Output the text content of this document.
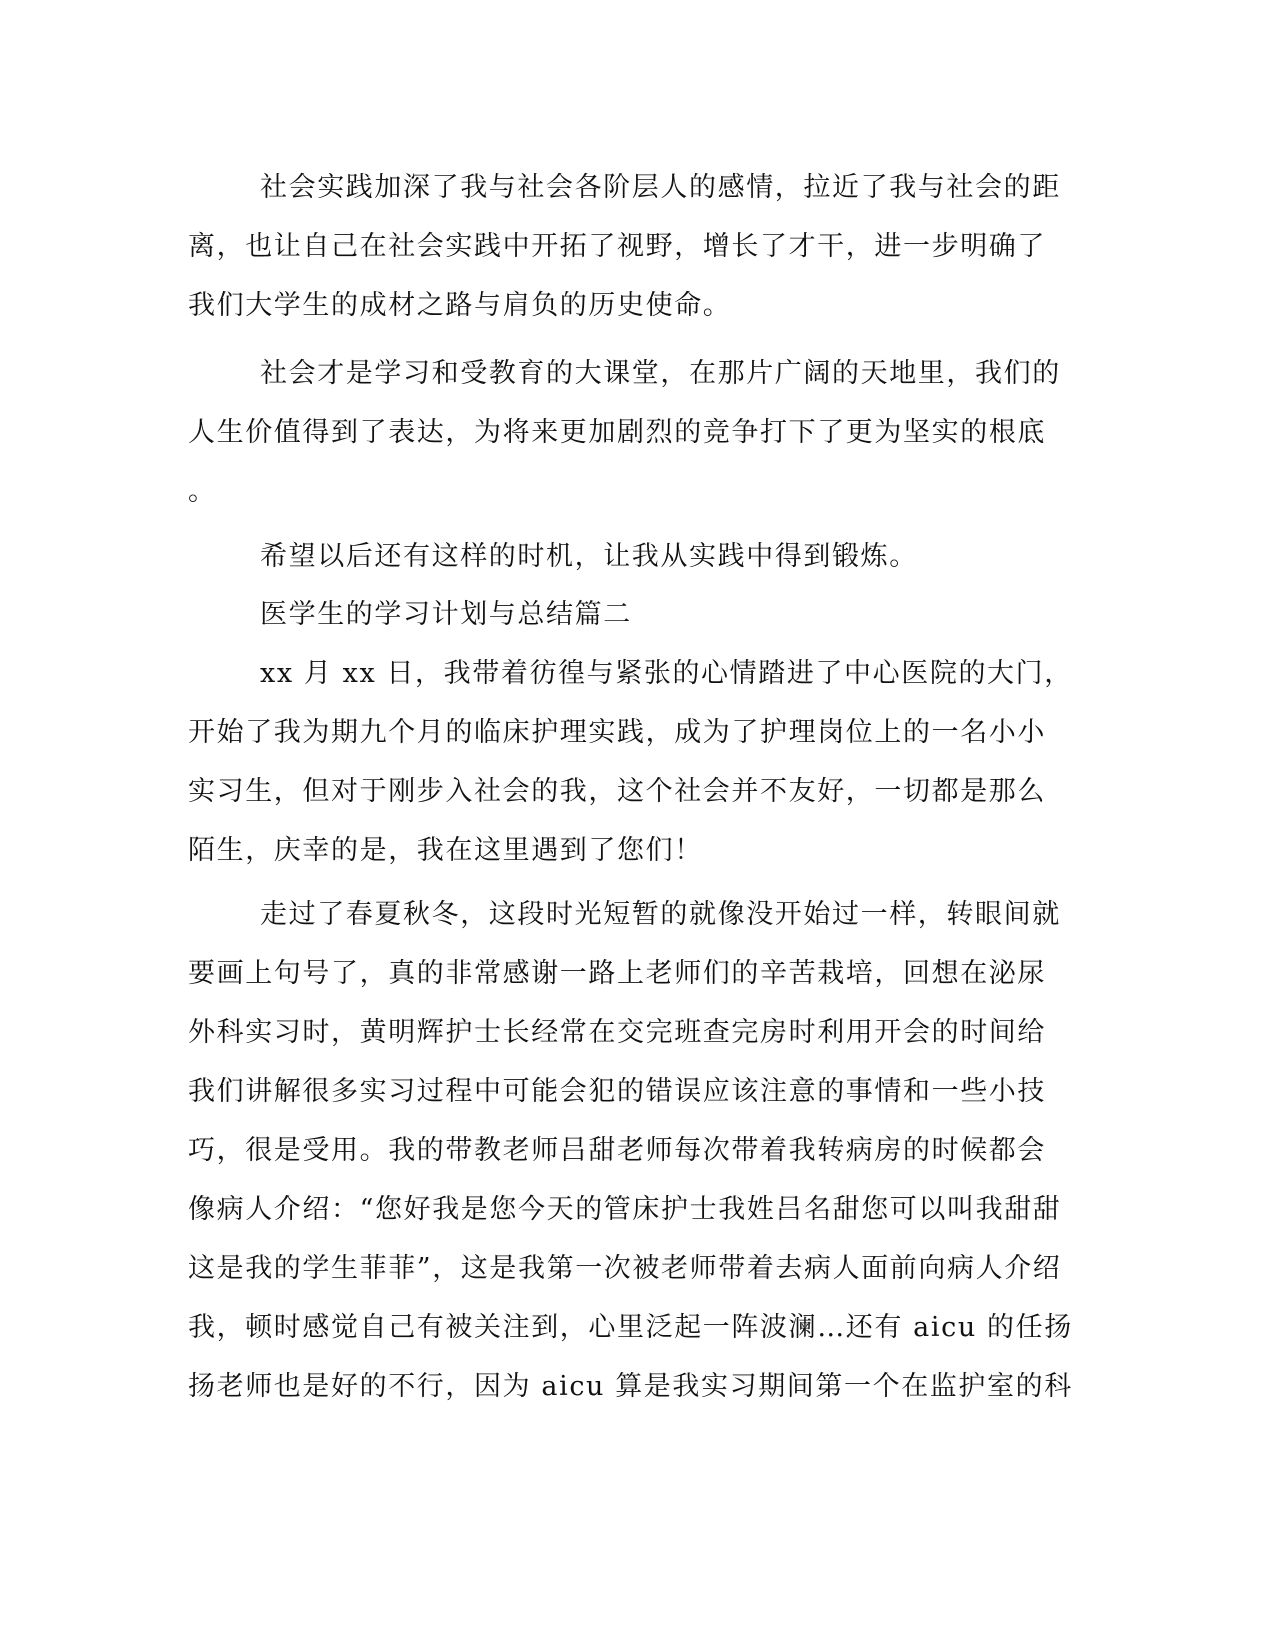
社会实践加深了我与社会各阶层人的感情，拉近了我与社会的距
离，也让自己在社会实践中开拓了视野，增长了才干，进一步明确了
我们大学生的成材之路与肩负的历史使命。
社会才是学习和受教育的大课堂，在那片广阔的天地里，我们的
人生价值得到了表达，为将来更加剧烈的竞争打下了更为坚实的根底
。
希望以后还有这样的时机，让我从实践中得到锻炼。
医学生的学习计划与总结篇二
xx 月 xx 日，我带着彷徨与紧张的心情踏进了中心医院的大门，
开始了我为期九个月的临床护理实践，成为了护理岗位上的一名小小
实习生，但对于刚步入社会的我，这个社会并不友好，一切都是那么
陌生，庆幸的是，我在这里遇到了您们！
走过了春夏秋冬，这段时光短暂的就像没开始过一样，转眼间就
要画上句号了，真的非常感谢一路上老师们的辛苦栽培，回想在泌尿
外科实习时，黄明辉护士长经常在交完班查完房时利用开会的时间给
我们讲解很多实习过程中可能会犯的错误应该注意的事情和一些小技
巧，很是受用。我的带教老师吕甜老师每次带着我转病房的时候都会
像病人介绍：“您好我是您今天的管床护士我姓吕名甜您可以叫我甜甜
这是我的学生菲菲”，这是我第一次被老师带着去病人面前向病人介绍
我，顿时感觉自己有被关注到，心里泛起一阵波澜…还有 aicu 的任扬
扬老师也是好的不行，因为 aicu 算是我实习期间第一个在监护室的科
